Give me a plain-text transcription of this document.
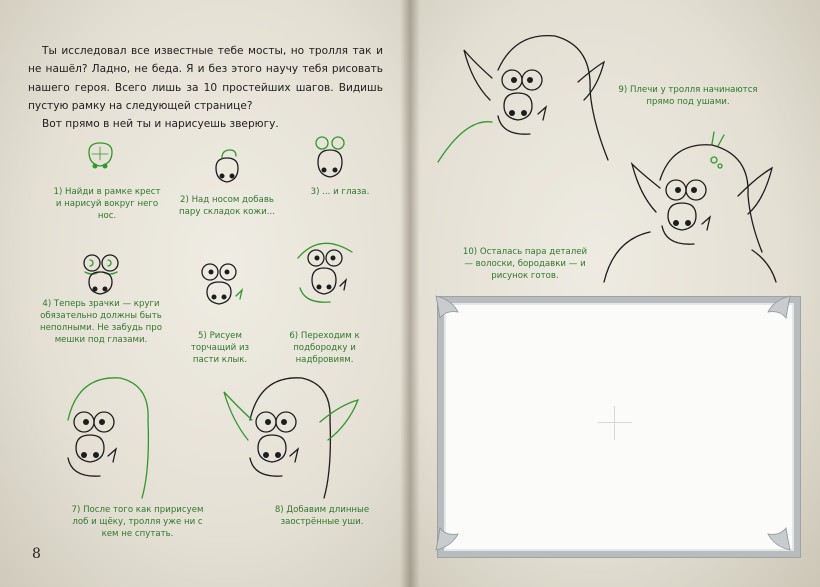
Ты исследовал все известные тебе мосты, но тролля так и не нашёл? Ладно, не беда. Я и без этого научу тебя рисовать нашего героя. Всего лишь за 10 простейших шагов. Видишь пустую рамку на следующей странице?

Вот прямо в ней ты и нарисуешь зверюгу.

1) Найди в рамке крест и нарисуй вокруг него нос.

2) Над носом добавь пару складок кожи...

3) ... и глаза.

4) Теперь зрачки — круги обязательно должны быть неполными. Не забудь про мешки под глазами.	5) Рисуем торчащий из пасти клык.

6) Переходим к подбородку и надбровиям.

7) После того как пририсуем лоб и щёку, тролля уже ни с кем не спутать.

8) Добавим длинные заострённые уши.

9) Плечи у тролля начинаются прямо под ушами.

10) Осталась пара деталей — волоски, бородавки — и рисунок готов.

8
